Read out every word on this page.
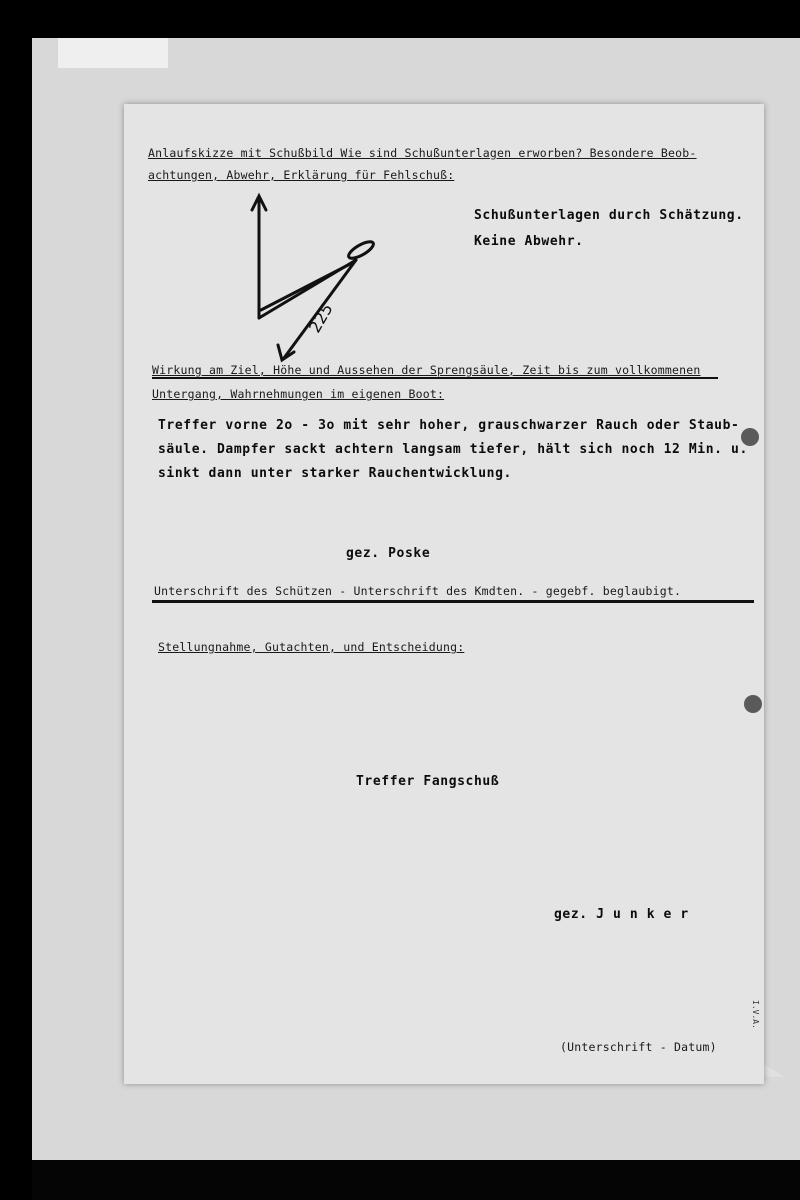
Anlaufskizze mit Schußbild Wie sind Schußunterlagen erworben? Besondere Beob-
achtungen, Abwehr, Erklärung für Fehlschuß:
225
Schußunterlagen durch Schätzung.
Keine Abwehr.
Wirkung am Ziel, Höhe und Aussehen der Sprengsäule, Zeit bis zum vollkommenen
Untergang, Wahrnehmungen im eigenen Boot:
Treffer vorne 2o - 3o mit sehr hoher, grauschwarzer Rauch oder Staub-
säule. Dampfer sackt achtern langsam tiefer, hält sich noch 12 Min. u.
sinkt dann unter starker Rauchentwicklung.
gez. Poske
Unterschrift des Schützen - Unterschrift des Kmdten. - gegebf. beglaubigt.
Stellungnahme, Gutachten, und Entscheidung:
Treffer Fangschuß
gez. J u n k e r
(Unterschrift - Datum)
I.V.A.
